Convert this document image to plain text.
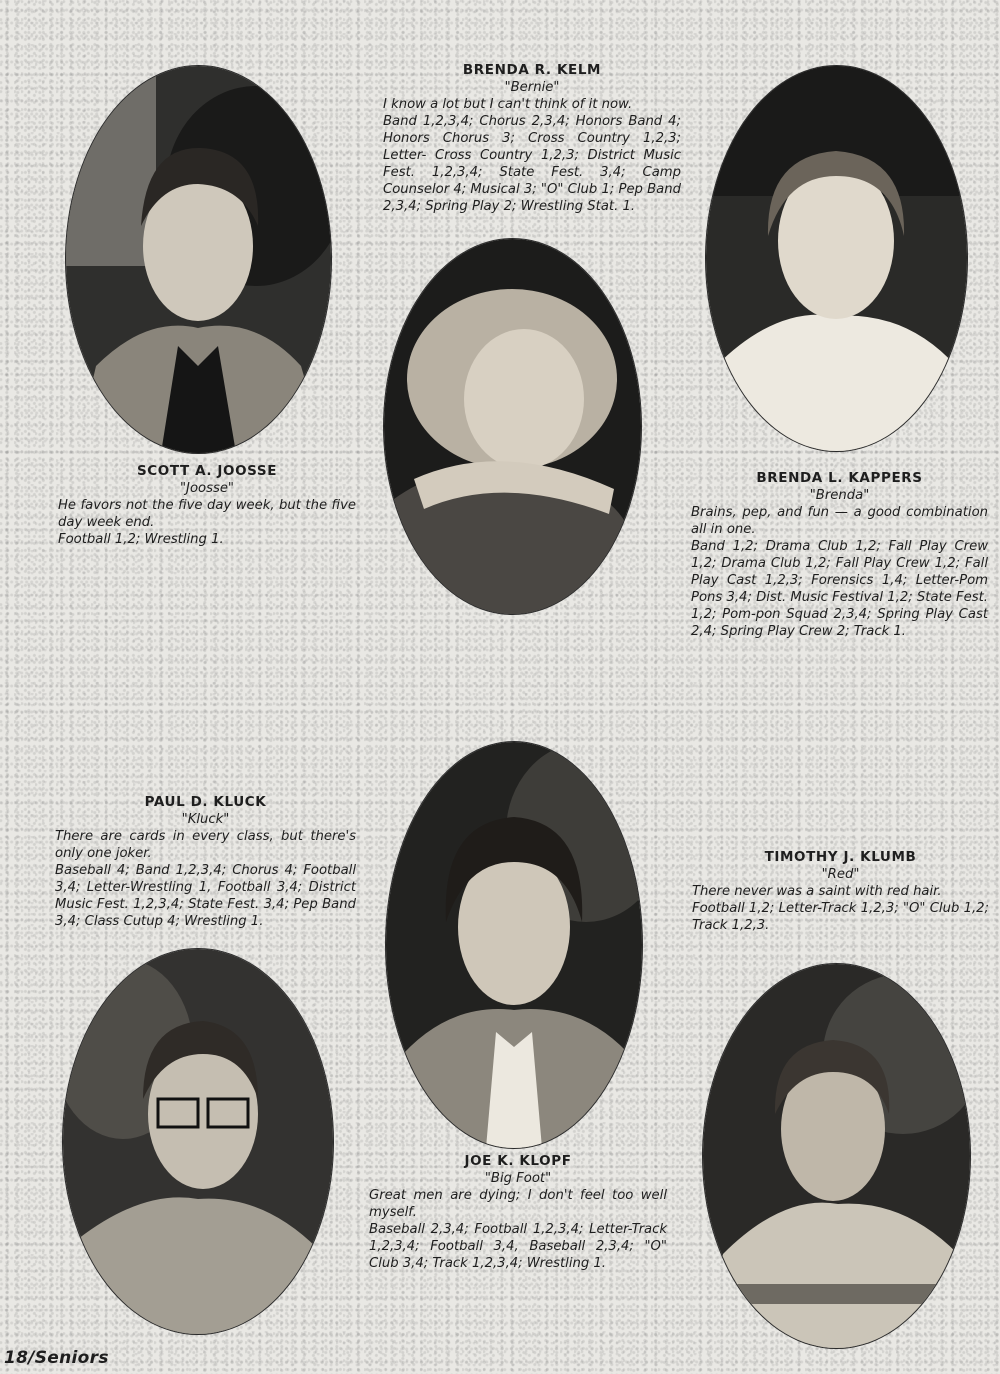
SCOTT A. JOOSSE
"Joosse"
He favors not the five day week, but the five day week end.
Football 1,2; Wrestling 1.
BRENDA R. KELM
"Bernie"
I know a lot but I can't think of it now.
Band 1,2,3,4; Chorus 2,3,4; Honors Band 4; Honors Chorus 3; Cross Country 1,2,3; Letter- Cross Country 1,2,3; District Music Fest. 1,2,3,4; State Fest. 3,4; Camp Counselor 4; Musical 3; "O" Club 1; Pep Band 2,3,4; Spring Play 2; Wrestling Stat. 1.
BRENDA L. KAPPERS
"Brenda"
Brains, pep, and fun — a good combination all in one.
Band 1,2; Drama Club 1,2; Fall Play Crew 1,2; Drama Club 1,2; Fall Play Crew 1,2; Fall Play Cast 1,2,3; Forensics 1,4; Letter-Pom Pons 3,4; Dist. Music Festival 1,2; State Fest. 1,2; Pom-pon Squad 2,3,4; Spring Play Cast 2,4; Spring Play Crew 2; Track 1.
PAUL D. KLUCK
"Kluck"
There are cards in every class, but there's only one joker.
Baseball 4; Band 1,2,3,4; Chorus 4; Football 3,4; Letter-Wrestling 1, Football 3,4; District Music Fest. 1,2,3,4; State Fest. 3,4; Pep Band 3,4; Class Cutup 4; Wrestling 1.
TIMOTHY J. KLUMB
"Red"
There never was a saint with red hair.
Football 1,2; Letter-Track 1,2,3; "O" Club 1,2; Track 1,2,3.
JOE K. KLOPF
"Big Foot"
Great men are dying; I don't feel too well myself.
Baseball 2,3,4; Football 1,2,3,4; Letter-Track 1,2,3,4; Football 3,4, Baseball 2,3,4; "O" Club 3,4; Track 1,2,3,4; Wrestling 1.
18/Seniors
